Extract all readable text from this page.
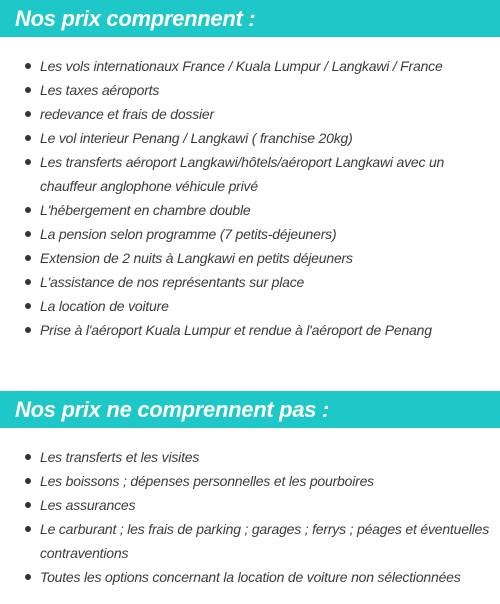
Nos prix comprennent :
Les vols internationaux France / Kuala Lumpur / Langkawi / France
Les taxes aéroports
redevance et frais de dossier
Le vol interieur Penang / Langkawi ( franchise 20kg)
Les transferts aéroport Langkawi/hôtels/aéroport Langkawi avec un chauffeur anglophone véhicule privé
L'hébergement en chambre double
La pension selon programme (7 petits-déjeuners)
Extension de 2 nuits à Langkawi en petits déjeuners
L'assistance de nos représentants sur place
La location de voiture
Prise à l'aéroport Kuala Lumpur et rendue à l'aéroport de Penang
Nos prix ne comprennent pas :
Les transferts et les visites
Les boissons ; dépenses personnelles et les pourboires
Les assurances
Le carburant ; les frais de parking ; garages ; ferrys ; péages et éventuelles contraventions
Toutes les options concernant la location de voiture non sélectionnées
